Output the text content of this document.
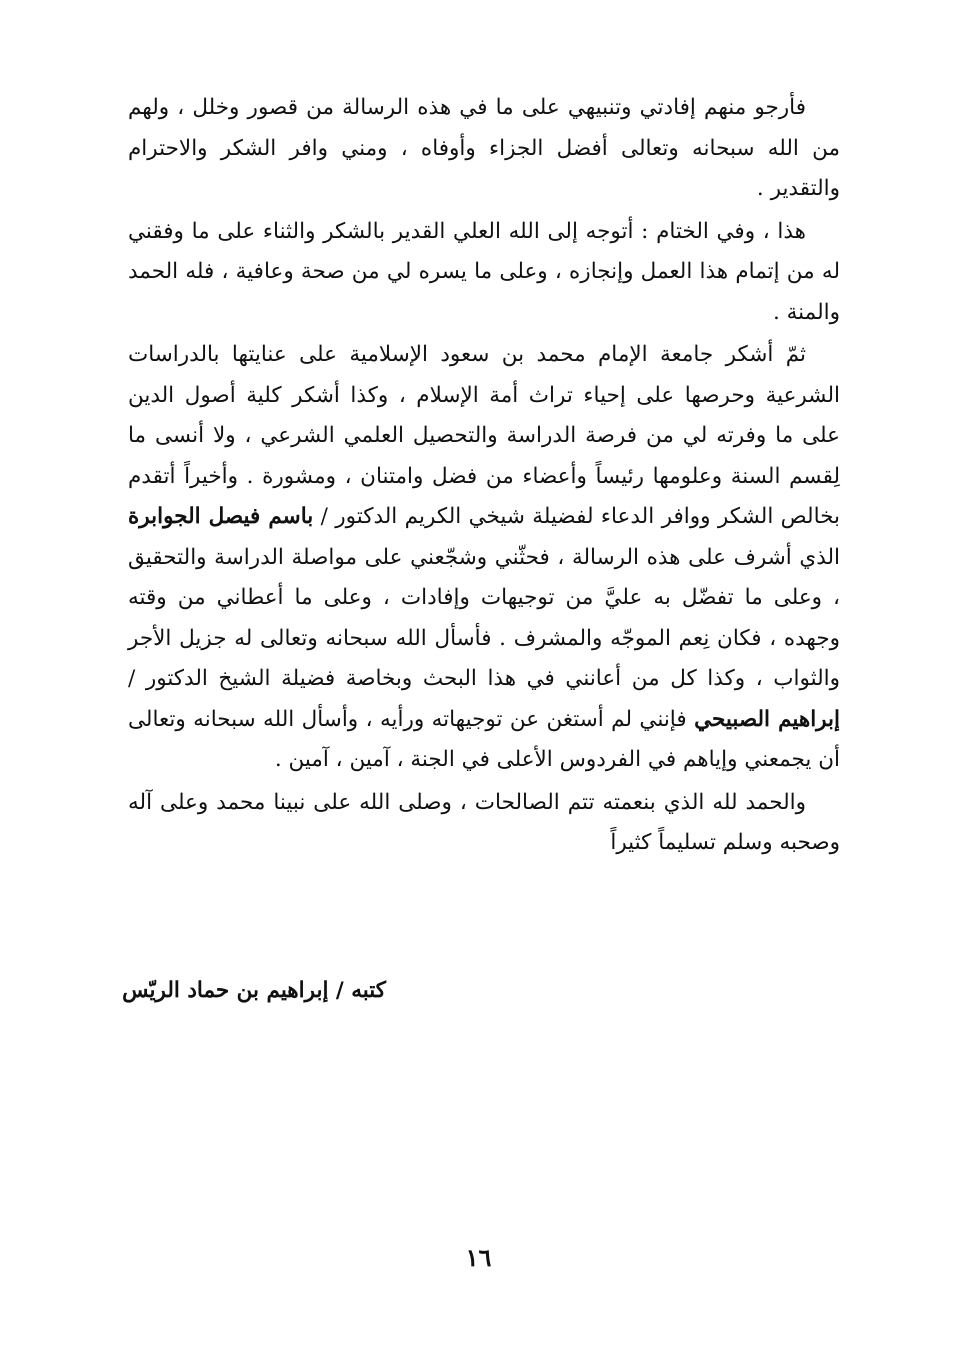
فأرجو منهم إفادتي وتنبيهي على ما في هذه الرسالة من قصور وخلل ، ولهم من الله سبحانه وتعالى أفضل الجزاء وأوفاه ، ومني وافر الشكر والاحترام والتقدير .

هذا ، وفي الختام : أتوجه إلى الله العلي القدير بالشكر والثناء على ما وفقني له من إتمام هذا العمل وإنجازه ، وعلى ما يسره لي من صحة وعافية ، فله الحمد والمنة .

ثمّ أشكر جامعة الإمام محمد بن سعود الإسلامية على عنايتها بالدراسات الشرعية وحرصها على إحياء تراث أمة الإسلام ، وكذا أشكر كلية أصول الدين على ما وفرته لي من فرصة الدراسة والتحصيل العلمي الشرعي ، ولا أنسى ما لِقسم السنة وعلومها رئيساً وأعضاء من فضل وامتنان ، ومشورة . وأخيراً أتقدم بخالص الشكر ووافر الدعاء لفضيلة شيخي الكريم الدكتور / باسم فيصل الجوابرة الذي أشرف على هذه الرسالة ، فحثّني وشجّعني على مواصلة الدراسة والتحقيق ، وعلى ما تفضّل به عليَّ من توجيهات وإفادات ، وعلى ما أعطاني من وقته وجهده ، فكان نِعم الموجّه والمشرف . فأسأل الله سبحانه وتعالى له جزيل الأجر والثواب ، وكذا كل من أعانني في هذا البحث وبخاصة فضيلة الشيخ الدكتور / إبراهيم الصبيحي فإنني لم أستغن عن توجيهاته ورأيه ، وأسأل الله سبحانه وتعالى أن يجمعني وإياهم في الفردوس الأعلى في الجنة ، آمين ، آمين .

والحمد لله الذي بنعمته تتم الصالحات ، وصلى الله على نبينا محمد وعلى آله وصحبه وسلم تسليماً كثيراً

كتبه / إبراهيم بن حماد الريّس
١٦
